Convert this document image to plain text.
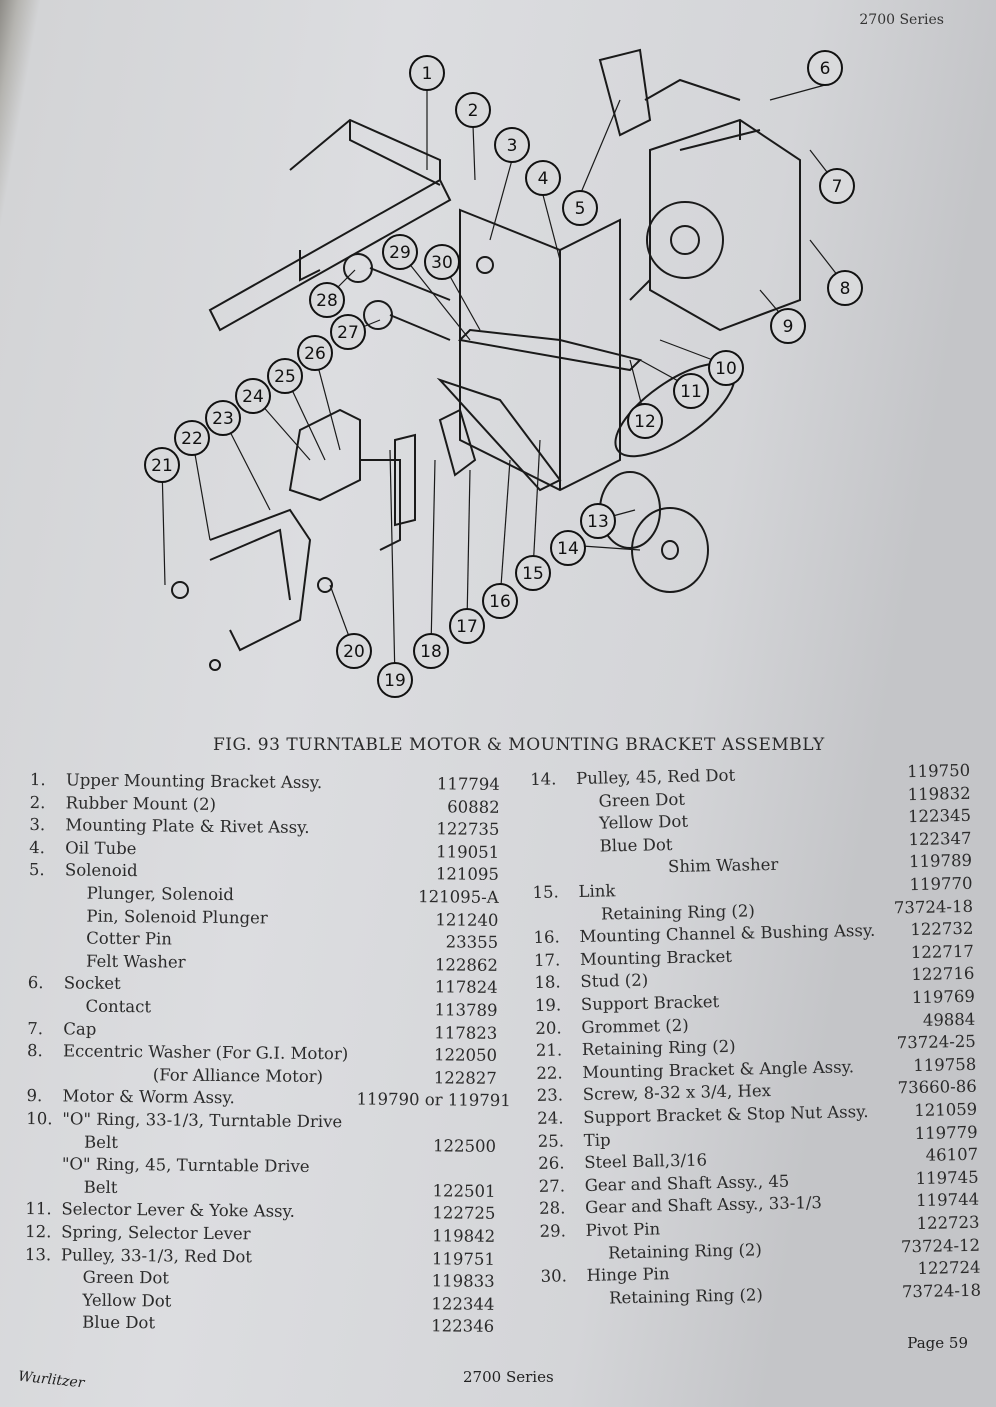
2700 Series
1
2
3
4
5
6
7
8
9
10
11
12
13
14
15
16
17
18
19
20
21
22
23
24
25
26
27
28
29 30
FIG. 93 TURNTABLE MOTOR & MOUNTING BRACKET ASSEMBLY
1. Upper Mounting Bracket Assy.	117794
2. Rubber Mount (2)	60882
3. Mounting Plate & Rivet Assy.	122735
4. Oil Tube	119051
5. Solenoid	121095
Plunger, Solenoid	121095-A
Pin, Solenoid Plunger	121240
Cotter Pin	23355
Felt Washer	122862
6. Socket	117824
Contact	113789
7. Cap	117823
8. Eccentric Washer (For G.I. Motor)	122050
(For Alliance Motor)	122827
9. Motor & Worm Assy.	119790 or 119791
10. "O" Ring, 33-1/3, Turntable Drive
Belt	122500
"O" Ring, 45, Turntable Drive
Belt	122501
11. Selector Lever & Yoke Assy.	122725
12. Spring, Selector Lever	119842
13. Pulley, 33-1/3, Red Dot	119751
Green Dot	119833
Yellow Dot	122344
Blue Dot	122346
14. Pulley, 45, Red Dot	119750
Green Dot	119832
Yellow Dot	122345
Blue Dot	122347
Shim Washer	119789
15. Link	119770
Retaining Ring (2)	73724-18
16. Mounting Channel & Bushing Assy.	122732
17. Mounting Bracket	122717
18. Stud (2)	122716
19. Support Bracket	119769
20. Grommet (2)	49884
21. Retaining Ring (2)	73724-25
22. Mounting Bracket & Angle Assy.	119758
23. Screw, 8-32 x 3/4, Hex	73660-86
24. Support Bracket & Stop Nut Assy.	121059
25. Tip	119779
26. Steel Ball,3/16	46107
27. Gear and Shaft Assy., 45	119745
28. Gear and Shaft Assy., 33-1/3	119744
29. Pivot Pin	122723
Retaining Ring (2)	73724-12
30. Hinge Pin	122724
Retaining Ring (2)	73724-18
Page 59
Wurlitzer	2700 Series
